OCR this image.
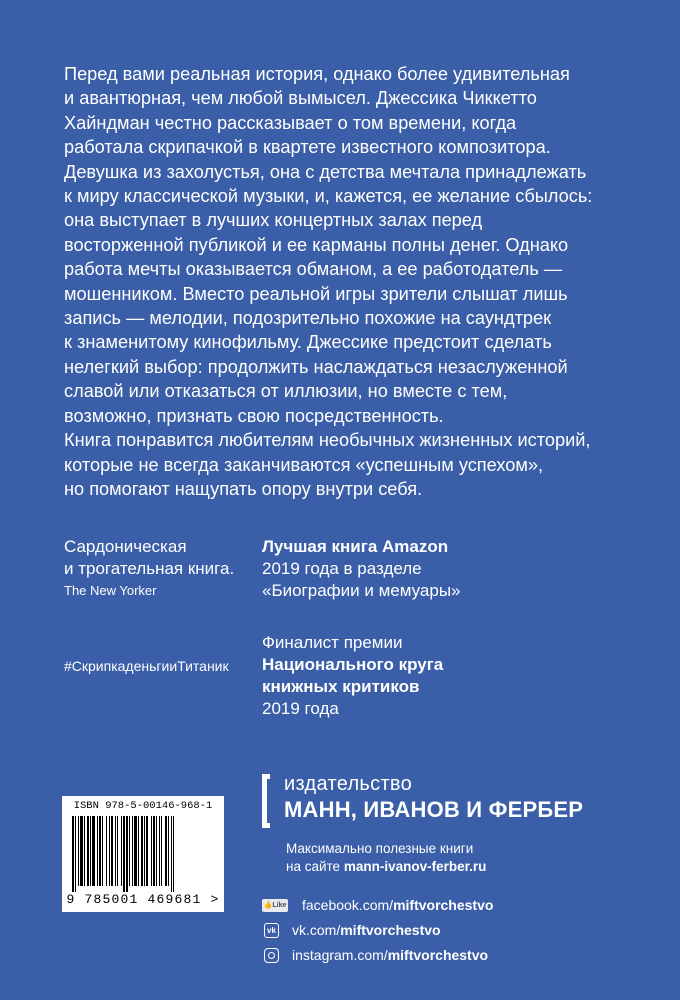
Перед вами реальная история, однако более удивительная
и авантюрная, чем любой вымысел. Джессика Чиккетто
Хайндман честно рассказывает о том времени, когда
работала скрипачкой в квартете известного композитора.
Девушка из захолустья, она с детства мечтала принадлежать
к миру классической музыки, и, кажется, ее желание сбылось:
она выступает в лучших концертных залах перед
восторженной публикой и ее карманы полны денег. Однако
работа мечты оказывается обманом, а ее работодатель —
мошенником. Вместо реальной игры зрители слышат лишь
запись — мелодии, подозрительно похожие на саундтрек
к знаменитому кинофильму. Джессике предстоит сделать
нелегкий выбор: продолжить наслаждаться незаслуженной
славой или отказаться от иллюзии, но вместе с тем,
возможно, признать свою посредственность.
Книга понравится любителям необычных жизненных историй,
которые не всегда заканчиваются «успешным успехом»,
но помогают нащупать опору внутри себя.
Сардоническая
и трогательная книга.
The New Yorker
#СкрипкаденьгииТитаник
Лучшая книга Amazon
2019 года в разделе
«Биографии и мемуары»
Финалист премии
Национального круга
книжных критиков
2019 года
ISBN 978-5-00146-968-1
9 785001 469681 >
издательство
МАНН, ИВАНОВ И ФЕРБЕР
Максимально полезные книги
на сайте mann-ivanov-ferber.ru
👍 Like facebook.com/ miftvorchestvo
vk vk.com/ miftvorchestvo
instagram.com/ miftvorchestvo
